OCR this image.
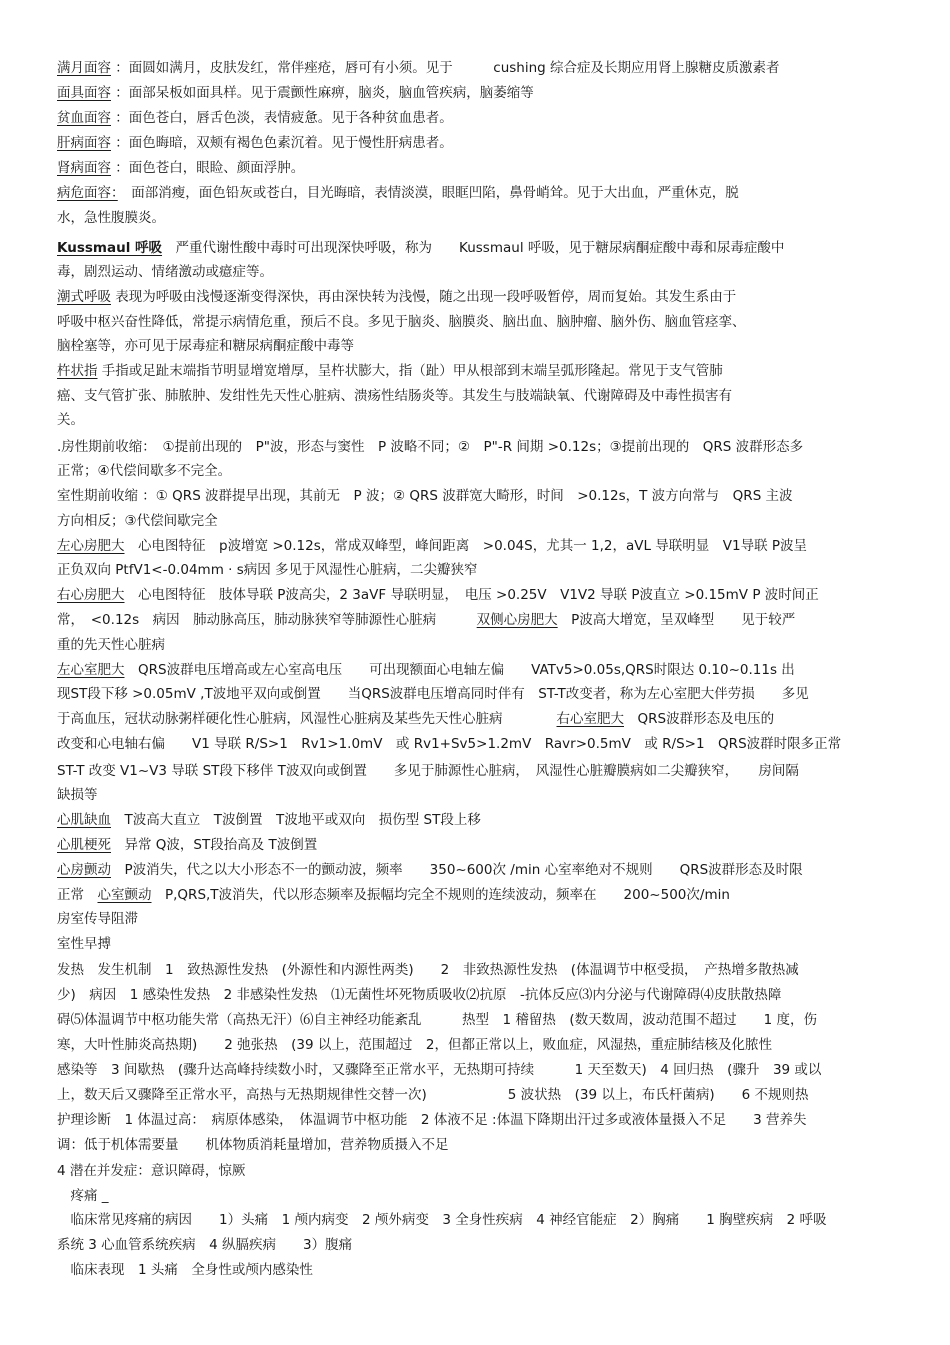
满月面容 ：面圆如满月，皮肤发红，常伴痤疮，唇可有小须。见于　　　cushing 综合症及长期应用肾上腺糖皮质激素者
面具面容 ：面部呆板如面具样。见于震颤性麻痹，脑炎，脑血管疾病，脑萎缩等
贫血面容 ：面色苍白，唇舌色淡，表情疲惫。见于各种贫血患者。
肝病面容 ：面色晦暗，双颊有褐色色素沉着。见于慢性肝病患者。
肾病面容 ：面色苍白，眼睑、颜面浮肿。
病危面容：　面部消瘦，面色铅灰或苍白，目光晦暗，表情淡漠，眼眶凹陷，鼻骨峭耸。见于大出血，严重休克，脱
水，急性腹膜炎。
Kussmaul 呼吸　严重代谢性酸中毒时可出现深快呼吸，称为　　Kussmaul 呼吸，见于糖尿病酮症酸中毒和尿毒症酸中
毒，剧烈运动、情绪激动或癔症等。
潮式呼吸 表现为呼吸由浅慢逐渐变得深快，再由深快转为浅慢，随之出现一段呼吸暂停，周而复始。其发生系由于
呼吸中枢兴奋性降低，常提示病情危重，预后不良。多见于脑炎、脑膜炎、脑出血、脑肿瘤、脑外伤、脑血管痉挛、
脑栓塞等，亦可见于尿毒症和糖尿病酮症酸中毒等
杵状指 手指或足趾末端指节明显增宽增厚，呈杵状膨大，指（趾）甲从根部到末端呈弧形隆起。常见于支气管肺
癌、支气管扩张、肺脓肿、发绀性先天性心脏病、溃疡性结肠炎等。其发生与肢端缺氧、代谢障碍及中毒性损害有
关。
.房性期前收缩：　①提前出现的　P"波，形态与窦性　P 波略不同；②　P"-R 间期 >0.12s；③提前出现的　QRS 波群形态多
正常；④代偿间歇多不完全。
室性期前收缩 ：① QRS 波群提早出现，其前无　P 波；② QRS 波群宽大畸形，时间　>0.12s，T 波方向常与　QRS 主波
方向相反；③代偿间歇完全
左心房肥大　心电图特征　p波增宽 >0.12s，常成双峰型，峰间距离　>0.04S，尤其一 1,2，aVL 导联明显　V1导联 P波呈
正负双向 PtfV1<-0.04mm · s病因 多见于风湿性心脏病，二尖瓣狭窄
右心房肥大　心电图特征　肢体导联 P波高尖，2 3aVF 导联明显，　电压 >0.25V　V1V2 导联 P波直立 >0.15mV P 波时间正
常，　<0.12s　病因　肺动脉高压，肺动脉狭窄等肺源性心脏病　　　双侧心房肥大　P波高大增宽，呈双峰型　　见于较严
重的先天性心脏病
左心室肥大　QRS波群电压增高或左心室高电压　　可出现额面心电轴左偏　　VATv5>0.05s,QRS时限达 0.10~0.11s 出
现ST段下移 >0.05mV ,T波地平双向或倒置　　当QRS波群电压增高同时伴有　ST-T改变者，称为左心室肥大伴劳损　　多见
于高血压，冠状动脉粥样硬化性心脏病，风湿性心脏病及某些先天性心脏病　　　　右心室肥大　QRS波群形态及电压的
改变和心电轴右偏　　V1 导联 R/S>1　Rv1>1.0mV　或 Rv1+Sv5>1.2mV　Ravr>0.5mV　或 R/S>1　QRS波群时限多正常
ST-T 改变 V1~V3 导联 ST段下移伴 T波双向或倒置　　多见于肺源性心脏病，　风湿性心脏瓣膜病如二尖瓣狭窄，　　房间隔
缺损等
心肌缺血　T波高大直立　T波倒置　T波地平或双向　损伤型 ST段上移
心肌梗死　异常 Q波，ST段抬高及 T波倒置
心房颤动　P波消失，代之以大小形态不一的颤动波，频率　　350~600次 /min 心室率绝对不规则　　QRS波群形态及时限
正常　心室颤动　P,QRS,T波消失，代以形态频率及振幅均完全不规则的连续波动，频率在　　200~500次/min
房室传导阻滞
室性早搏
发热　发生机制　1　致热源性发热　(外源性和内源性两类)　　2　非致热源性发热　(体温调节中枢受损，　产热增多散热减
少)　病因　1 感染性发热　2 非感染性发热　⑴无菌性坏死物质吸收⑵抗原　-抗体反应⑶内分泌与代谢障碍⑷皮肤散热障
碍⑸体温调节中枢功能失常（高热无汗）⑹自主神经功能紊乱　　　热型　1 稽留热　(数天数周，波动范围不超过　　1 度，伤
寒，大叶性肺炎高热期)　　2 弛张热　(39 以上，范围超过　2，但都正常以上，败血症，风湿热，重症肺结核及化脓性
感染等　3 间歇热　(骤升达高峰持续数小时，又骤降至正常水平，无热期可持续　　　1 天至数天)　4 回归热　(骤升　39 或以
上，数天后又骤降至正常水平，高热与无热期规律性交替一次)　　　　　　5 波状热　(39 以上，布氏杆菌病)　　6 不规则热
护理诊断　1 体温过高：　病原体感染，　体温调节中枢功能　2 体液不足 :体温下降期出汗过多或液体量摄入不足　　3 营养失
调：低于机体需要量　　机体物质消耗量增加，营养物质摄入不足
4 潜在并发症：意识障碍，惊厥
　疼痛 _
　临床常见疼痛的病因　　1）头痛　1 颅内病变　2 颅外病变　3 全身性疾病　4 神经官能症　2）胸痛　　1 胸壁疾病　2 呼吸
系统 3 心血管系统疾病　4 纵膈疾病　　3）腹痛
　临床表现　1 头痛　全身性或颅内感染性
